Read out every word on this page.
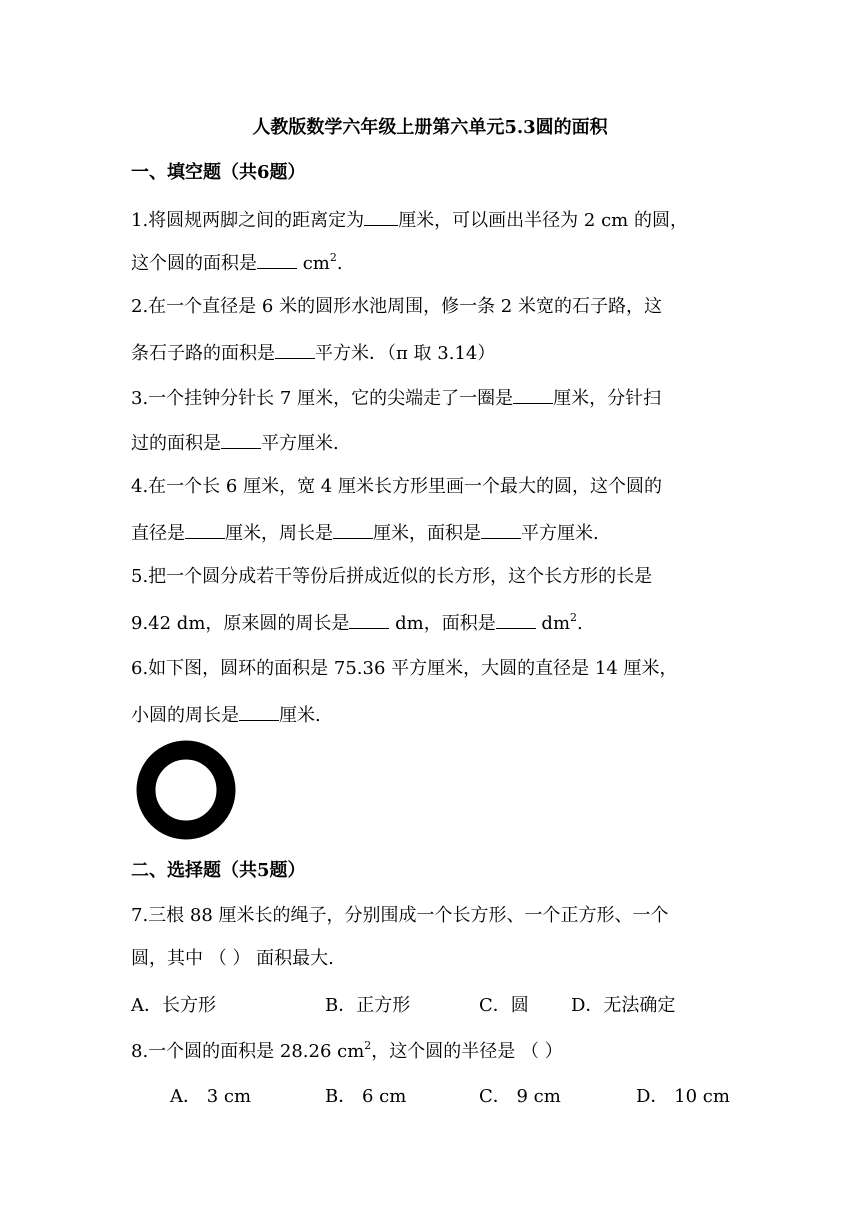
人教版数学六年级上册第六单元5.3圆的面积
一、填空题（共6题）
1.将圆规两脚之间的距离定为 厘米，可以画出半径为 2 cm 的圆，
这个圆的面积是 $cm^2$.
2.在一个直径是 6 米的圆形水池周围，修一条 2 米宽的石子路，这
条石子路的面积是 平方米．（π 取 3.14）
3.一个挂钟分针长 7 厘米，它的尖端走了一圈是 厘米，分针扫
过的面积是 平方厘米.
4.在一个长 6 厘米，宽 4 厘米长方形里画一个最大的圆，这个圆的
直径是 厘米，周长是 厘米，面积是 平方厘米.
5.把一个圆分成若干等份后拼成近似的长方形，这个长方形的长是
9.42 dm，原来圆的周长是 dm，面积是 $dm^2$.
6.如下图，圆环的面积是 75.36 平方厘米，大圆的直径是 14 厘米，
小圆的周长是 厘米.
二、选择题（共5题）
7.三根 88 厘米长的绳子，分别围成一个长方形、一个正方形、一个
圆，其中 （ ） 面积最大.
A．长方形	B．正方形	C．圆 D．无法确定
8.一个圆的面积是 28.26 $cm^2$，这个圆的半径是 （ ）
A． 3 cm	B． 6 cm	C． 9 cm	D． 10 cm
